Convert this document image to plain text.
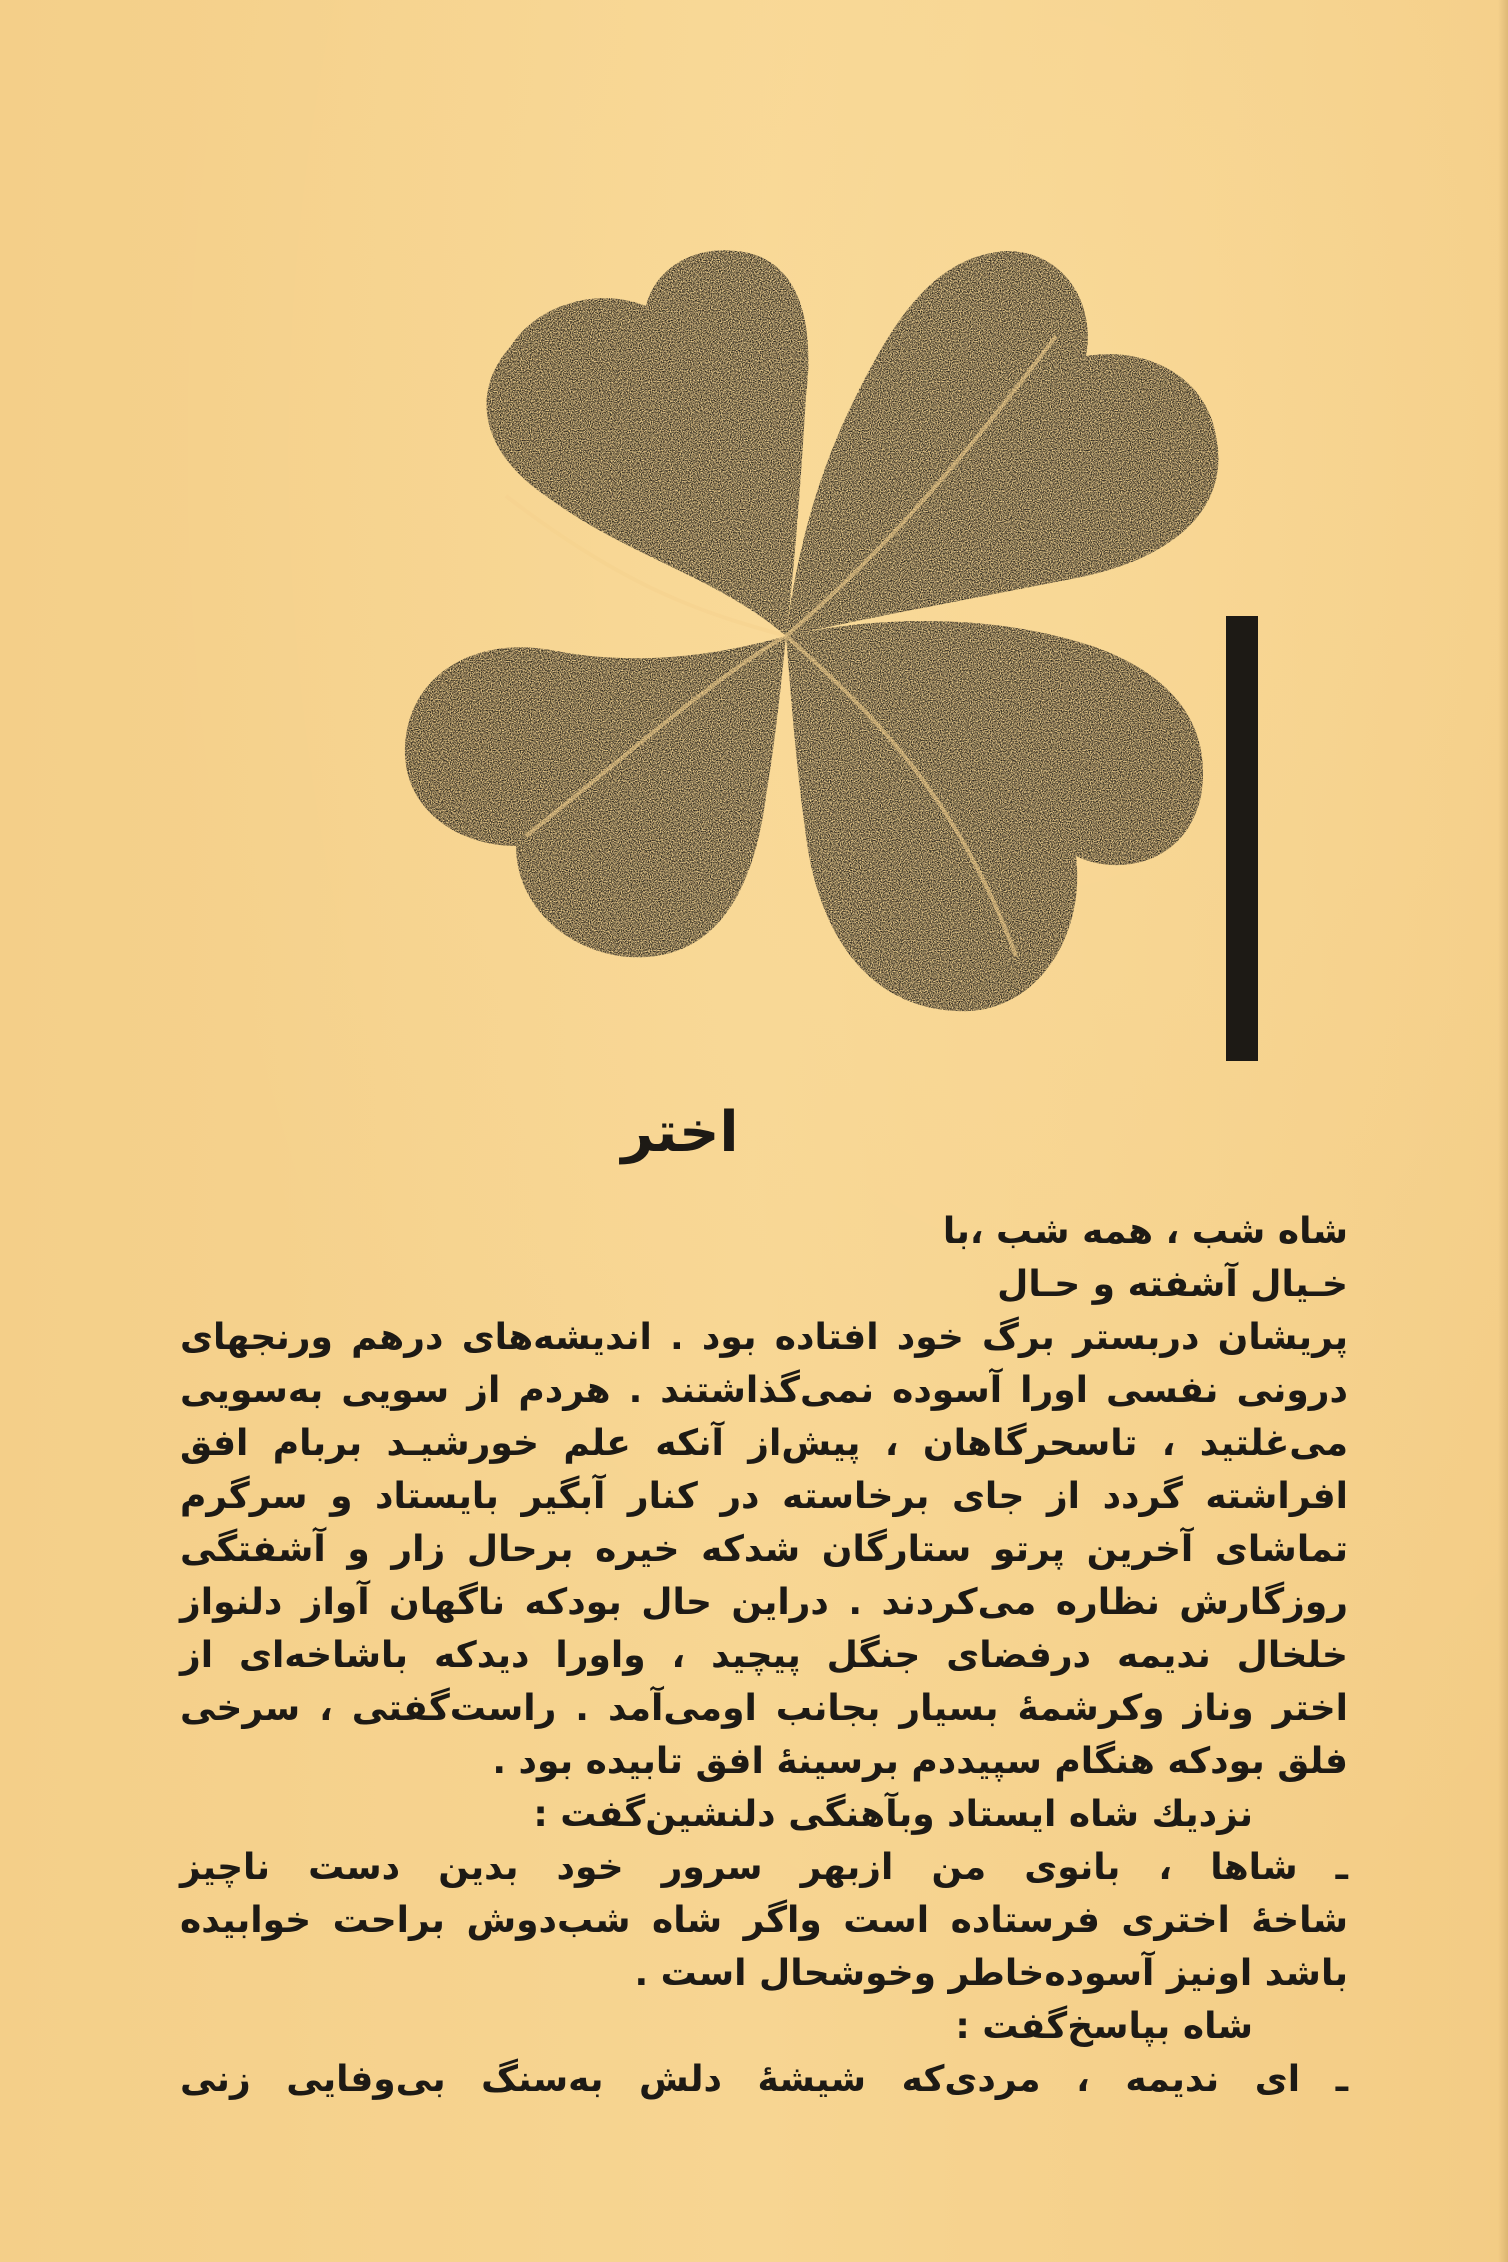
اختر
شاه شب ، همه شب ،با
خـیال آشفته و حـال
پریشان دربستر برگ خود افتاده بود . اندیشه‌های درهم ورنجهای
درونی نفسی اورا آسوده نمی‌گذاشتند . هردم از سویی به‌سویی
می‌غلتید ، تاسحرگاهان ، پیش‌از آنکه علم خورشیـد بربام افق
افراشته گردد از جای برخاسته در کنار آبگیر بایستاد و سرگرم
تماشای آخرین پرتو ستارگان شدکه خیره برحال زار و آشفتگی
روزگارش نظاره می‌کردند . دراین حال بودکه ناگهان آواز دلنواز
خلخال ندیمه درفضای جنگل پیچید ، واورا دیدکه باشاخه‌ای از
اختر وناز وکرشمهٔ بسیار بجانب اومی‌آمد . راست‌گفتی ، سرخی
فلق بودکه هنگام سپیددم برسینهٔ افق تابیده بود .
نزدیك شاه ایستاد وبآهنگی دلنشین‌گفت :
ـ شاها ، بانوی من ازبهر سرور خود بدین دست ناچیز
شاخهٔ اختری فرستاده است واگر شاه شب‌دوش براحت خوابیده
باشد اونیز آسوده‌خاطر وخوشحال است .
شاه بپاسخ‌گفت :
ـ ای ندیمه ، مردی‌که شیشهٔ دلش به‌سنگ بی‌وفایی زنی
